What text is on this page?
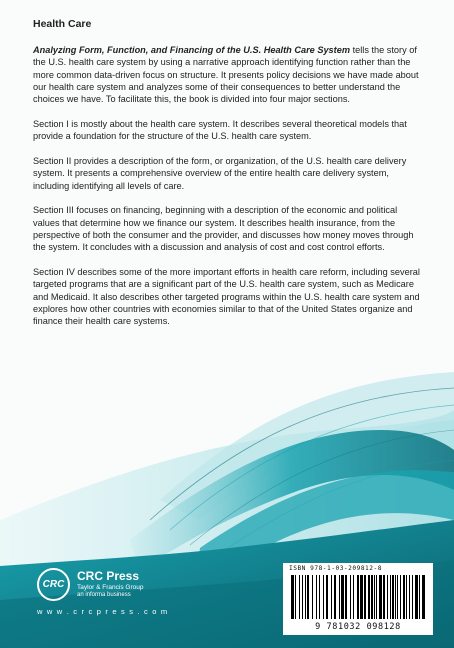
Health Care

Analyzing Form, Function, and Financing of the U.S. Health Care System tells the story of the U.S. health care system by using a narrative approach identifying function rather than the more common data-driven focus on structure. It presents policy decisions we have made about our health care system and analyzes some of their consequences to better understand the choices we have. To facilitate this, the book is divided into four major sections.

Section I is mostly about the health care system. It describes several theoretical models that provide a foundation for the structure of the U.S. health care system.

Section II provides a description of the form, or organization, of the U.S. health care delivery system. It presents a comprehensive overview of the entire health care delivery system, including identifying all levels of care.

Section III focuses on financing, beginning with a description of the economic and political values that determine how we finance our system. It describes health insurance, from the perspective of both the consumer and the provider, and discusses how money moves through the system. It concludes with a discussion and analysis of cost and cost control efforts.

Section IV describes some of the more important efforts in health care reform, including several targeted programs that are a significant part of the U.S. health care system, such as Medicare and Medicaid. It also describes other targeted programs within the U.S. health care system and explores how other countries with economies similar to that of the United States organize and finance their health care systems.

CRC
CRC Press
Taylor & Francis Group
an informa business
w w w . c r c p r e s s . c o m
ISBN 978-1-03-209812-8
9 781032 098128
